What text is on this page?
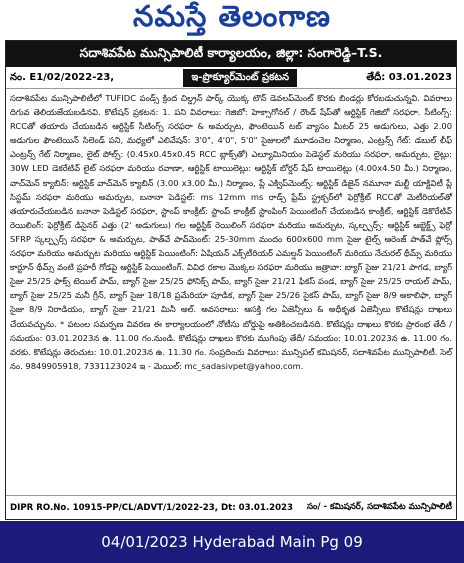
నమస్తే తెలంగాణ
సదాశివపేట మున్సిపాలిటీ కార్యాలయం, జిల్లా: సంగారెడ్డి–T.S.
నం. E1/02/2022-23,	ఇ-ప్రొక్యూర్‌మెంట్ ప్రకటన	తేదీ: 03.01.2023

సదాశివపేట మున్సిపాలిటీలో TUFIDC పండ్స్ క్రింద చిల్డ్రన్ పార్క్ యొక్క టౌన్ డెవలప్‌మెంట్ కొరకు బిండర్లు కోరబడుచున్నవి. వివరాలు దిగువ తెలియజేయబడినవి. కొటేషన్ ప్రకటన: 1. పని వివరాలు: గెజిబో: హెక్సాగోనల్ / రౌండ్ షేప్‌తో ఆర్టిస్టిక్ గెజిబో సరఫరా. సీటింగ్స్: RCCతో తయారు చేయబడిన ఆర్టిస్టిక్ సీటింగ్స్ సరఫరా & అమర్చుట, ఫౌంటెయిన్ టబ్ వ్యాసం మీటర్ 25 అడుగులు, ఎత్తు 2.00 అడుగుల ఫౌంటెయిన్ సిలెండ్ పని, మధ్యలో ఎలివేషన్: 3'0", 4'0", 5'0" సైజులలో మూడంచెల నిర్మాణం, ఎంట్రన్స్ గేట్: డబుల్ లీఫ్ ఎంట్రన్స్ గేట్ నిర్మాణం, లైట్ పోల్స్: (0.45x0.45x0.45 RCC బ్లాక్స్‌తో) ఎల్యూమినియం పెడెస్టల్ మరియు సరఫరా, అమర్చుట, లైట్లు: 30W LED డెకరేటివ్ లైట్ సరఫరా మరియు రవాణా, ఆర్టిస్టిక్ టాయిలెట్లు: ఆర్టిస్టిక్ బోర్డర్ షేప్ టాయిలెట్లు (4.00x4.50 మీ.) నిర్మాణం, వాచ్‌మెన్ క్యాబిన్: ఆర్టిస్టిక్ వాచ్‌మెన్ క్యాబిన్ (3.00 x3.00 మీ.) నిర్మాణం, ప్లే ఎక్విప్‌మెంట్స్: ఆర్టిస్టిక్ డిజైన్ నమూనా మల్టీ యాక్టివిటీ ప్లే సిస్టమ్ సరఫరా మరియు అమర్చుట, బనానా పెడిస్టల్: ms 12mm ms రాడ్స్ ఫ్రేమ్ స్ట్రక్చర్‌లో ఫెర్రోక్రీట్ RCCతో మెటీరియల్‌తో తయారుచేయబడిన బనానా పెడిస్టల్ సరఫరా, స్టాంప్ కాంక్రీట్: స్టాంప్ కాంక్రీట్ స్టాంపింగ్ పెయింటింగ్ చేయబడిన కాంక్రీట్, ఆర్టిస్టిక్ డెకొరేటివ్ రెయిలింగ్: ఫెర్రోక్రీట్ డిసైనర్ ఎత్తు (2' అడుగులు) గల ఆర్టిస్టిక్ రెయిలింగ్ సరఫరా మరియు అమర్చుట, స్కల్ప్చర్స్: ఆర్టిస్టిక్ ఆబ్జెక్ట్స్ ఫెర్రో SFRP స్కల్ప్చర్స్ సరఫరా & అమర్చుట, పాత్‌వే పావ్‌మెంట్: 25-30mm మందం 600x600 mm సైజు టైల్స్ ఆరెంజ్ పాత్‌వే ఫ్లోర్స్ సరఫరా మరియు అమర్చుట మరియు ఆర్టిస్టిక్ పెయింటింగ్: ఏషియన్ ఎక్స్‌టీరియర్ ఎమల్షన్ పెయింటింగ్ మరియు నేచురల్ థీమ్స్ మరియు కార్టూన్ థీమ్స్ వంటి ప్రహరీ గోడపై ఆర్టిస్టిక్ పెయింటింగ్. వివిధ రకాల మొక్కల సరఫరా మరియు జత్రావా: బ్యాగ్ సైజు 21/21 పాగడ, బ్యాగ్ సైజు 25/25 ఫాక్స్ టెయిల్ పామ్, బ్యాగ్ సైజు 25/25 ఫోనిక్స్ పామ్, బ్యాగ్ సైజు 21/21 ఫికస్ పండ, బ్యాగ్ సైజు 25/25 రాయల్ పామ్, బ్యాగ్ సైజు 25/25 మనీ గ్రీన్, బ్యాగ్ సైజు 18/18 ప్రమేరియా పూడిక, బ్యాగ్ సైజు 25/26 సైకస్ పామ్, బ్యాగ్ సైజు 8/9 అకాలిఫా, బ్యాగ్ సైజు 8/9 నిరాడియం, బ్యాగ్ సైజు 21/21 మినీ అల్. అవసరాలు: ఆసక్తి గల ఏజెన్సీలు & అధీకృత ఏజెన్సీలు కొటేషన్లు దాఖలు చేయవచ్చును. * పటంల సమర్పణ వివరణ ఈ కార్యాలయంలో నోటీసు బోర్డుపై అతికించబడినది. కొటేషన్లు దాఖలు కొరకు ప్రారంభ తేదీ / సమయం: 03.01.2023న ఉ. 11.00 గం.నుండి. కొటేషన్లు దాఖలు కొరకు ముగింపు తేదీ/ సమయం: 10.01.2023న ఉ. 11.00 గం. వరకు. కొటేషన్లు తెరుచుట: 10.01.2023న ఉ. 11.30 గం. సంప్రదించు వివరాలు: మున్సిపల్ కమిషనర్, సదాశివపేట మున్సిపాలిటీ. సెల్ నం. 9849905918, 7331123024 ఇ - మెయిల్: mc_sadasivpet@yahoo.com.

DIPR RO.No. 10915-PP/CL/ADVT/1/2022-23, Dt: 03.01.2023 సం/ - కమిషనర్, సదాశివపేట మున్సిపాలిటీ
04/01/2023 Hyderabad Main Pg 09
